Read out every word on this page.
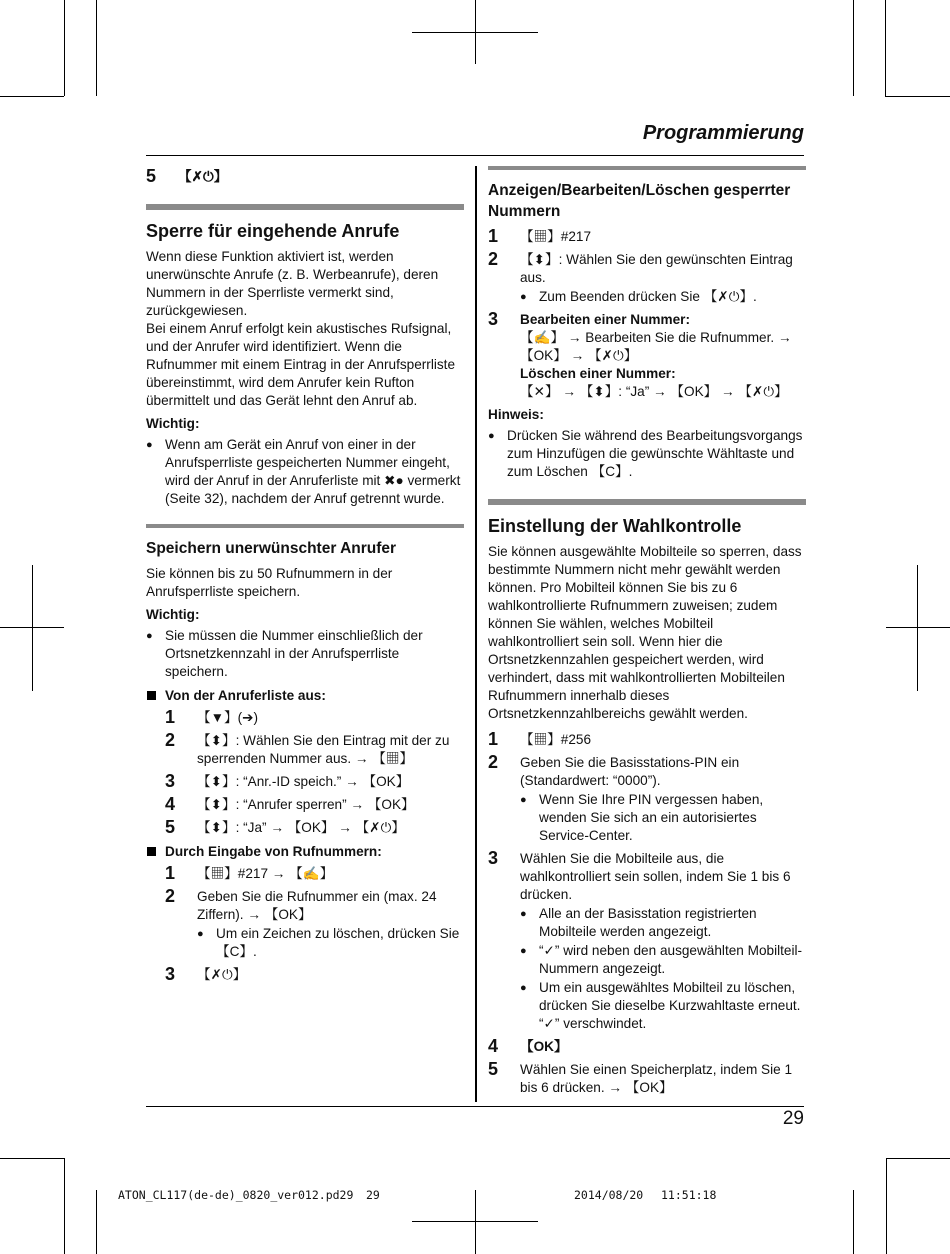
Programmierung
5 【✗⏻】
Sperre für eingehende Anrufe

Wenn diese Funktion aktiviert ist, werden unerwünschte Anrufe (z. B. Werbeanrufe), deren Nummern in der Sperrliste vermerkt sind, zurückgewiesen.

Bei einem Anruf erfolgt kein akustisches Rufsignal, und der Anrufer wird identifiziert. Wenn die Rufnummer mit einem Eintrag in der Anrufsperrliste übereinstimmt, wird dem Anrufer kein Rufton übermittelt und das Gerät lehnt den Anruf ab.

Wichtig:

● Wenn am Gerät ein Anruf von einer in der Anrufsperrliste gespeicherten Nummer eingeht, wird der Anruf in der Anruferliste mit ✖● vermerkt (Seite 32), nachdem der Anruf getrennt wurde.
Speichern unerwünschter Anrufer

Sie können bis zu 50 Rufnummern in der Anrufsperrliste speichern.

Wichtig:

● Sie müssen die Nummer einschließlich der Ortsnetzkennzahl in der Anrufsperrliste speichern.
Von der Anruferliste aus:
1 【▼】(➔)
2 【⬍】: Wählen Sie den Eintrag mit der zu sperrenden Nummer aus. → 【▦】
3 【⬍】: “Anr.-ID speich.” → 【OK】
4 【⬍】: “Anrufer sperren” → 【OK】
5 【⬍】: “Ja” → 【OK】 → 【✗⏻】
Durch Eingabe von Rufnummern:
1 【▦】#217 → 【✍】
2 Geben Sie die Rufnummer ein (max. 24 Ziffern). → 【OK】
● Um ein Zeichen zu löschen, drücken Sie 【C】.
3 【✗⏻】
Anzeigen/Bearbeiten/Löschen gesperrter Nummern
1 【▦】#217
2 【⬍】: Wählen Sie den gewünschten Eintrag aus.
● Zum Beenden drücken Sie 【✗⏻】.
3 Bearbeiten einer Nummer:
【✍】 → Bearbeiten Sie die Rufnummer. → 【OK】 → 【✗⏻】
Löschen einer Nummer:
【✕】 → 【⬍】: “Ja” → 【OK】 → 【✗⏻】

Hinweis:

● Drücken Sie während des Bearbeitungsvorgangs zum Hinzufügen die gewünschte Wähltaste und zum Löschen 【C】.
Einstellung der Wahlkontrolle

Sie können ausgewählte Mobilteile so sperren, dass bestimmte Nummern nicht mehr gewählt werden können. Pro Mobilteil können Sie bis zu 6 wahlkontrollierte Rufnummern zuweisen; zudem können Sie wählen, welches Mobilteil wahlkontrolliert sein soll. Wenn hier die Ortsnetzkennzahlen gespeichert werden, wird verhindert, dass mit wahlkontrollierten Mobilteilen Rufnummern innerhalb dieses Ortsnetzkennzahlbereichs gewählt werden.

1 【▦】#256
2 Geben Sie die Basisstations-PIN ein (Standardwert: “0000”).
● Wenn Sie Ihre PIN vergessen haben, wenden Sie sich an ein autorisiertes Service-Center.
3 Wählen Sie die Mobilteile aus, die wahlkontrolliert sein sollen, indem Sie 1 bis 6 drücken.
● Alle an der Basisstation registrierten Mobilteile werden angezeigt.
● “✓” wird neben den ausgewählten Mobilteil-Nummern angezeigt.
● Um ein ausgewähltes Mobilteil zu löschen, drücken Sie dieselbe Kurzwahltaste erneut. “✓” verschwindet.
4 【OK】
5 Wählen Sie einen Speicherplatz, indem Sie 1 bis 6 drücken. → 【OK】
29
ATON_CL117(de-de)_0820_ver012.pd29 29	2014/08/20 11:51:18
